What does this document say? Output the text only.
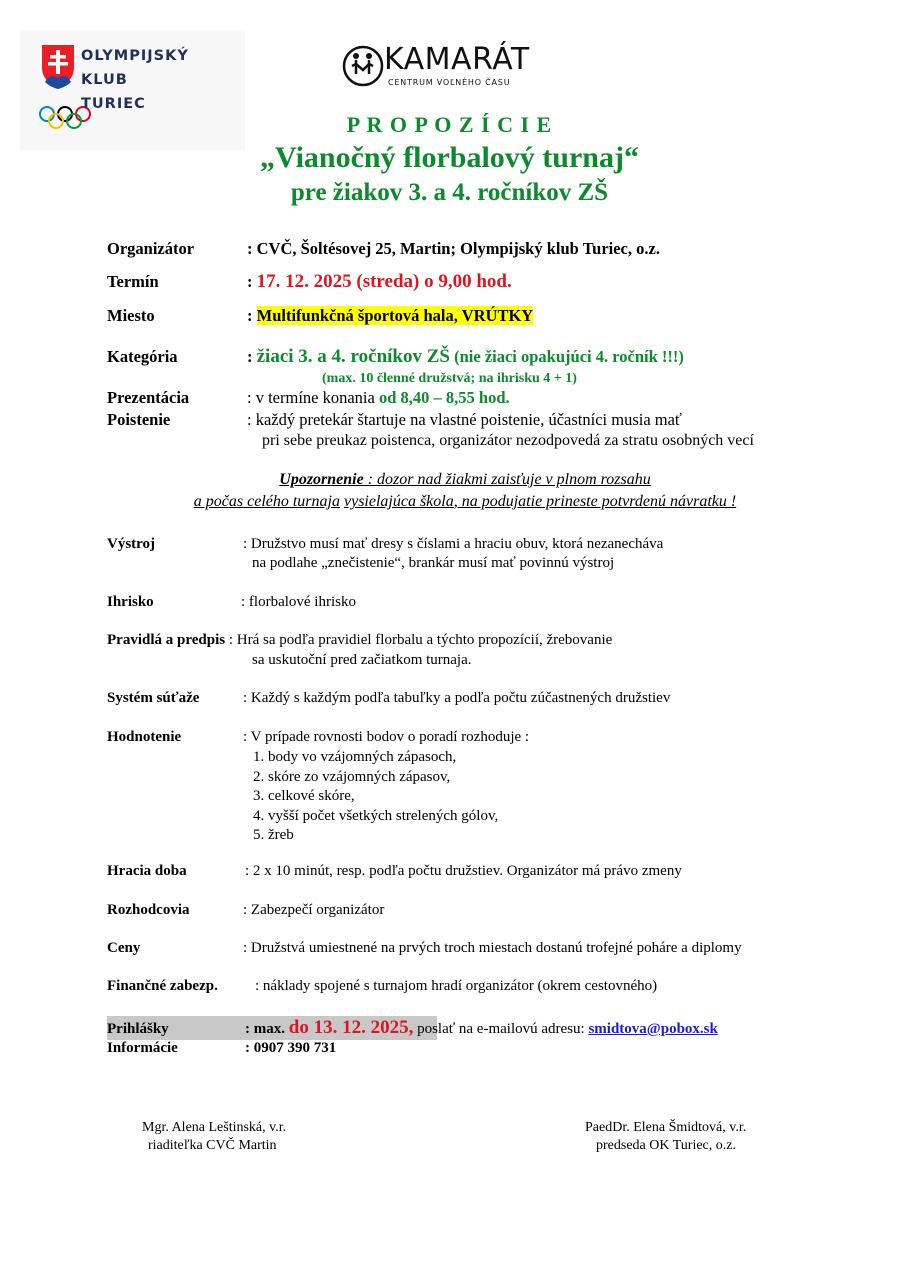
OLYMPIJSKÝ
KLUB
TURIEC
KAMARÁT
CENTRUM VOĽNÉHO ČASU
P R O P O Z Í C I E
„Vianočný florbalový turnaj“
pre žiakov 3. a 4. ročníkov ZŠ
Organizátor	: CVČ, Šoltésovej 25, Martin; Olympijský klub Turiec, o.z.
Termín	: 17. 12. 2025 (streda) o 9,00 hod.
Miesto	: Multifunkčná športová hala, VRÚTKY
Kategória	: žiaci 3. a 4. ročníkov ZŠ (nie žiaci opakujúci 4. ročník !!!)
(max. 10 členné družstvá; na ihrisku 4 + 1)
Prezentácia	: v termíne konania od 8,40 – 8,55 hod.
Poistenie	: každý pretekár štartuje na vlastné poistenie, účastníci musia mať
pri sebe preukaz poistenca, organizátor nezodpovedá za stratu osobných vecí
Upozornenie : dozor nad žiakmi zaisťuje v plnom rozsahu
a počas celého turnaja vysielajúca škola, na podujatie prineste potvrdenú návratku !
Výstroj	: Družstvo musí mať dresy s číslami a hraciu obuv, ktorá nezanecháva
na podlahe „znečistenie“, brankár musí mať povinnú výstroj
Ihrisko	: florbalové ihrisko
Pravidlá a predpis : Hrá sa podľa pravidiel florbalu a týchto propozícií, žrebovanie
sa uskutoční pred začiatkom turnaja.
Systém súťaže	: Každý s každým podľa tabuľky a podľa počtu zúčastnených družstiev
Hodnotenie	: V prípade rovnosti bodov o poradí rozhoduje :
1. body vo vzájomných zápasoch,
2. skóre zo vzájomných zápasov,
3. celkové skóre,
4. vyšší počet všetkých strelených gólov,
5. žreb
Hracia doba	: 2 x 10 minút, resp. podľa počtu družstiev. Organizátor má právo zmeny
Rozhodcovia	: Zabezpečí organizátor
Ceny	: Družstvá umiestnené na prvých troch miestach dostanú trofejné poháre a diplomy
Finančné zabezp. : náklady spojené s turnajom hradí organizátor (okrem cestovného)
Prihlášky	: max. do 13. 12. 2025, poslať na e-mailovú adresu: smidtova@pobox.sk
Informácie	: 0907 390 731
Mgr. Alena Leštinská, v.r.
riaditeľka CVČ Martin
PaedDr. Elena Šmidtová, v.r.
predseda OK Turiec, o.z.
